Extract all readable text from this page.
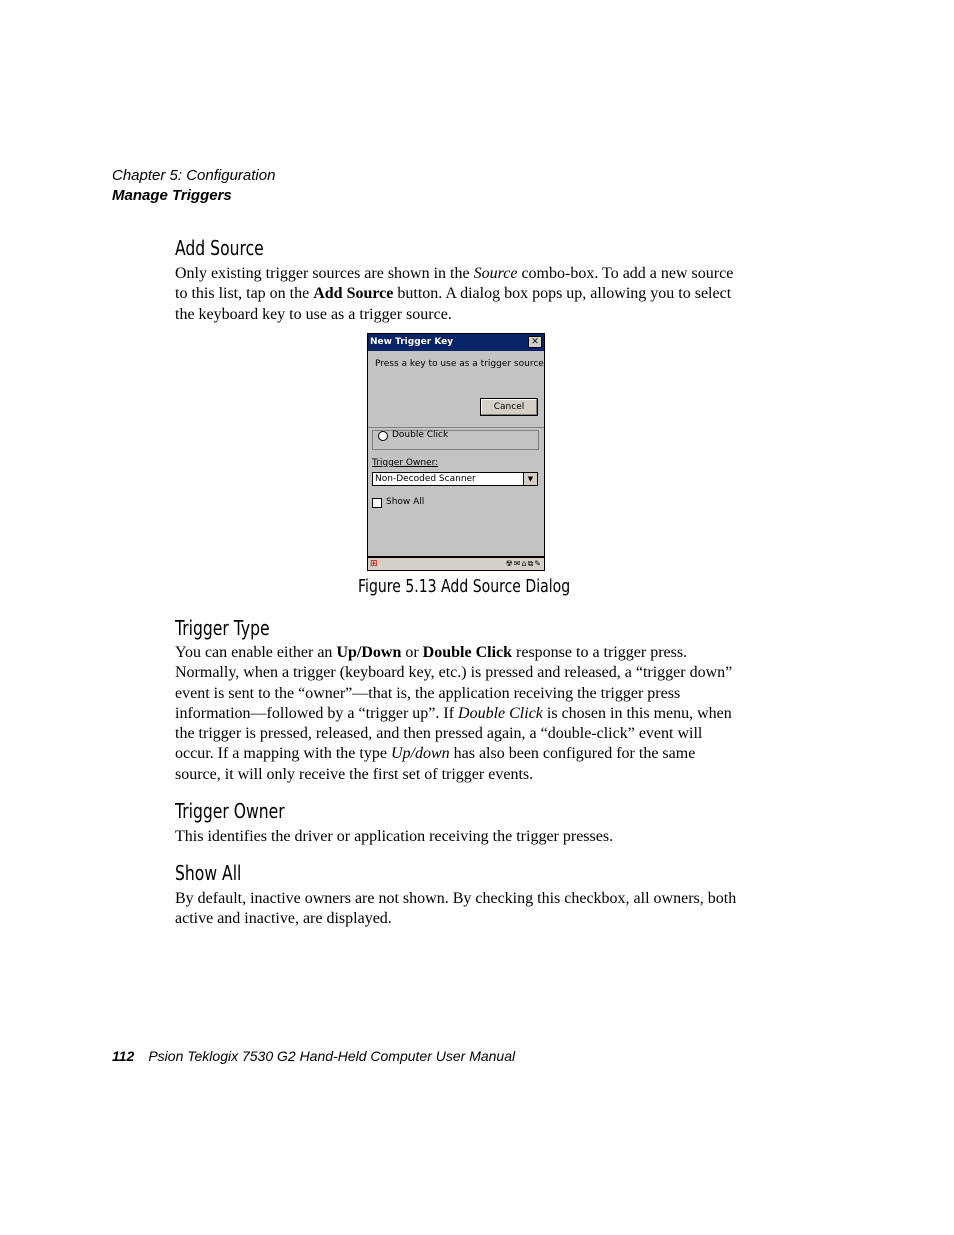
Chapter 5: Configuration
Manage Triggers
Add Source
Only existing trigger sources are shown in the Source combo-box. To add a new source to this list, tap on the Add Source button. A dialog box pops up, allowing you to select the keyboard key to use as a trigger source.
New Trigger Key	✕
Press a key to use as a trigger source
Cancel
Double Click
Trigger Owner:
Non-Decoded Scanner	▼
Show All
⊞	☢✉⌂⧉✎
Figure 5.13 Add Source Dialog
Trigger Type
You can enable either an Up/Down or Double Click response to a trigger press. Normally, when a trigger (keyboard key, etc.) is pressed and released, a “trigger down” event is sent to the “owner”—that is, the application receiving the trigger press information—followed by a “trigger up”. If Double Click is chosen in this menu, when the trigger is pressed, released, and then pressed again, a “double-click” event will occur. If a mapping with the type Up/down has also been configured for the same source, it will only receive the first set of trigger events.
Trigger Owner
This identifies the driver or application receiving the trigger presses.
Show All
By default, inactive owners are not shown. By checking this checkbox, all owners, both active and inactive, are displayed.
112 Psion Teklogix 7530 G2 Hand-Held Computer User Manual
